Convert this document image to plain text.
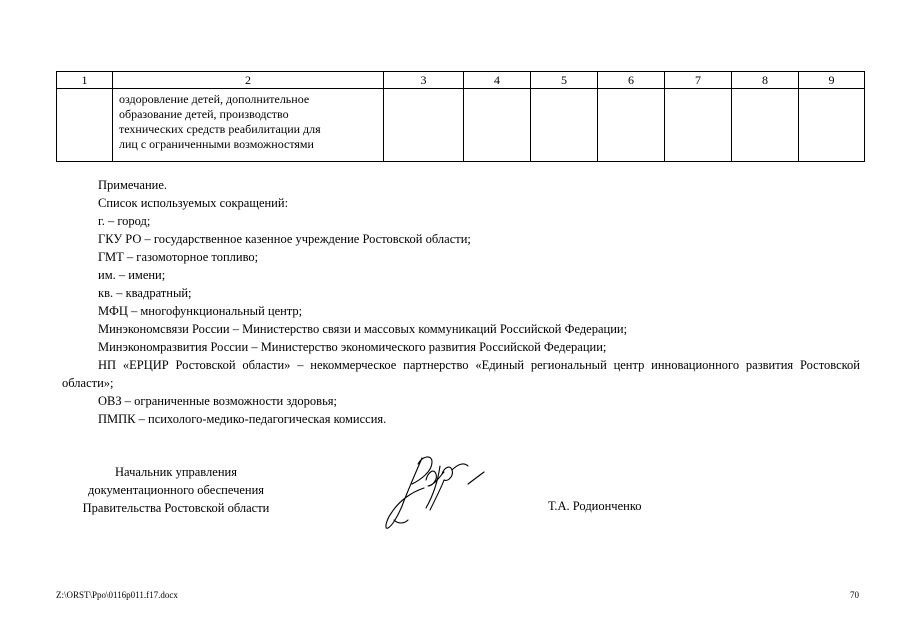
1	2	3	4	5	6	7	8	9

	оздоровление детей, дополнительное
образование детей, производство
технических средств реабилитации для
лиц с ограниченными возможностями							

Примечание.

Список используемых сокращений:

г. – город;

ГКУ РО – государственное казенное учреждение Ростовской области;

ГМТ – газомоторное топливо;

им. – имени;

кв. – квадратный;

МФЦ – многофункциональный центр;

Минэкономсвязи России – Министерство связи и массовых коммуникаций Российской Федерации;

Минэкономразвития России – Министерство экономического развития Российской Федерации;

НП «ЕРЦИР Ростовской области» – некоммерческое партнерство «Единый региональный центр инновационного развития Ростовской области»;

ОВЗ – ограниченные возможности здоровья;

ПМПК – психолого-медико-педагогическая комиссия.

Начальник управления
документационного обеспечения
Правительства Ростовской области	Т.А. Родионченко
Z:\ORST\Ppo\0116p011.f17.docx	70
